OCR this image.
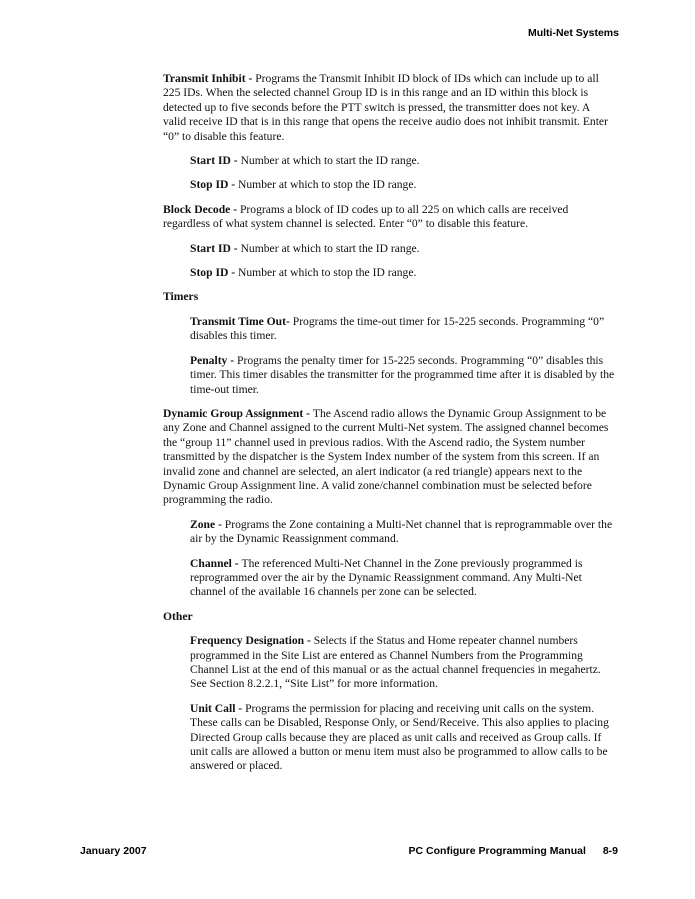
Multi-Net Systems
Transmit Inhibit - Programs the Transmit Inhibit ID block of IDs which can include up to all 225 IDs. When the selected channel Group ID is in this range and an ID within this block is detected up to five seconds before the PTT switch is pressed, the transmitter does not key. A valid receive ID that is in this range that opens the receive audio does not inhibit transmit. Enter “0” to disable this feature.
Start ID - Number at which to start the ID range.
Stop ID - Number at which to stop the ID range.
Block Decode - Programs a block of ID codes up to all 225 on which calls are received regardless of what system channel is selected. Enter “0” to disable this feature.
Start ID - Number at which to start the ID range.
Stop ID - Number at which to stop the ID range.
Timers
Transmit Time Out- Programs the time-out timer for 15-225 seconds. Programming “0” disables this timer.
Penalty - Programs the penalty timer for 15-225 seconds. Programming “0” disables this timer. This timer disables the transmitter for the programmed time after it is disabled by the time-out timer.
Dynamic Group Assignment - The Ascend radio allows the Dynamic Group Assignment to be any Zone and Channel assigned to the current Multi-Net system. The assigned channel becomes the “group 11” channel used in previous radios. With the Ascend radio, the System number transmitted by the dispatcher is the System Index number of the system from this screen. If an invalid zone and channel are selected, an alert indicator (a red triangle) appears next to the Dynamic Group Assignment line. A valid zone/channel combination must be selected before programming the radio.
Zone - Programs the Zone containing a Multi-Net channel that is reprogrammable over the air by the Dynamic Reassignment command.
Channel - The referenced Multi-Net Channel in the Zone previously programmed is reprogrammed over the air by the Dynamic Reassignment command. Any Multi-Net channel of the available 16 channels per zone can be selected.
Other
Frequency Designation - Selects if the Status and Home repeater channel numbers programmed in the Site List are entered as Channel Numbers from the Programming Channel List at the end of this manual or as the actual channel frequencies in megahertz. See Section 8.2.2.1, “Site List” for more information.
Unit Call - Programs the permission for placing and receiving unit calls on the system. These calls can be Disabled, Response Only, or Send/Receive. This also applies to placing Directed Group calls because they are placed as unit calls and received as Group calls. If unit calls are allowed a button or menu item must also be programmed to allow calls to be answered or placed.
January 2007	PC Configure Programming Manual 8-9
